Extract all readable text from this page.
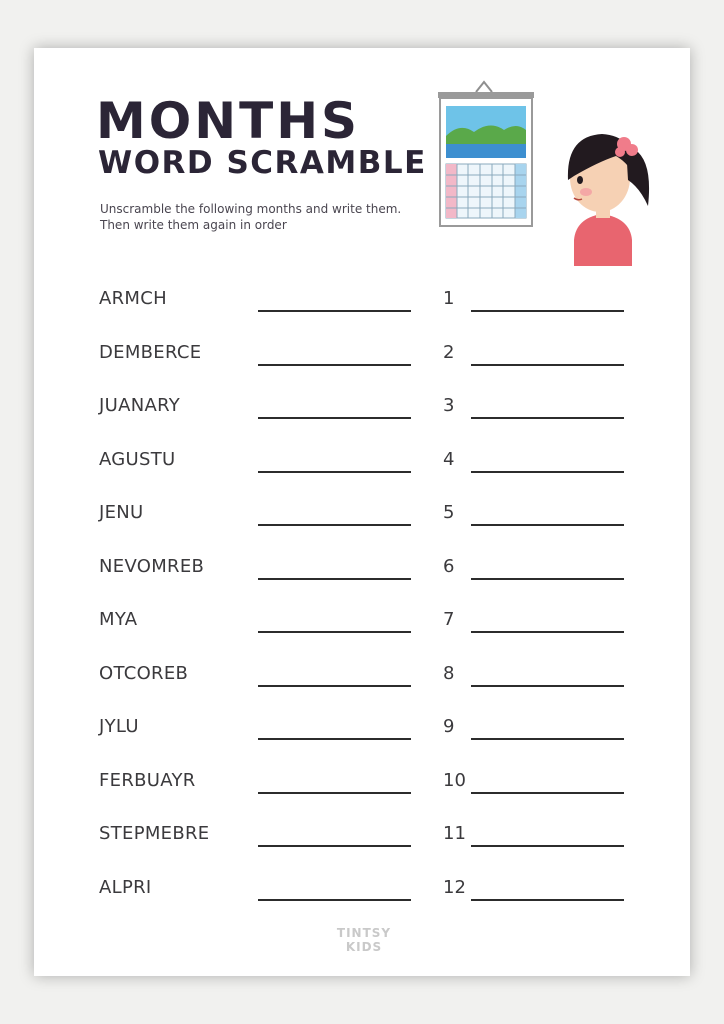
MONTHS
WORD SCRAMBLE
Unscramble the following months and write them. Then write them again in order
ARMCH	1
DEMBERCE	2
JUANARY	3
AGUSTU	4
JENU	5
NEVOMREB	6
MYA	7
OTCOREB	8
JYLU	9
FERBUAYR	10
STEPMEBRE	11
ALPRI	12
TINTSY
KIDS
